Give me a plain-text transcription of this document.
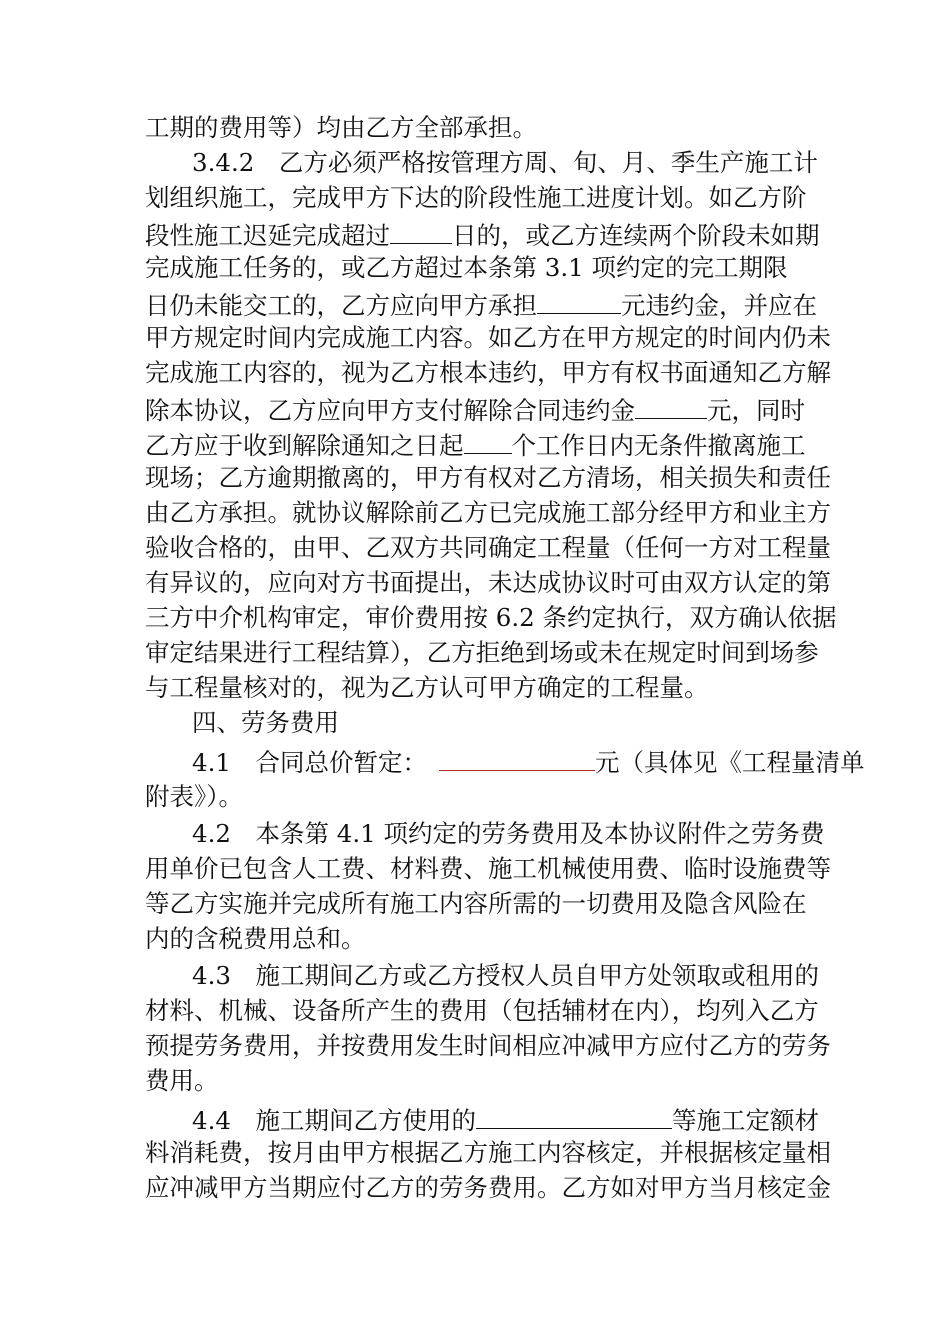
工期的费用等）均由乙方全部承担。
3.4.2　乙方必须严格按管理方周、旬、月、季生产施工计
划组织施工，完成甲方下达的阶段性施工进度计划。如乙方阶
段性施工迟延完成超过	日的，或乙方连续两个阶段未如期
完成施工任务的，或乙方超过本条第 3.1 项约定的完工期限
日仍未能交工的，乙方应向甲方承担	元违约金，并应在
甲方规定时间内完成施工内容。如乙方在甲方规定的时间内仍未
完成施工内容的，视为乙方根本违约，甲方有权书面通知乙方解
除本协议，乙方应向甲方支付解除合同违约金	元，同时
乙方应于收到解除通知之日起 个工作日内无条件撤离施工
现场；乙方逾期撤离的，甲方有权对乙方清场，相关损失和责任
由乙方承担。就协议解除前乙方已完成施工部分经甲方和业主方
验收合格的，由甲、乙双方共同确定工程量（任何一方对工程量
有异议的，应向对方书面提出，未达成协议时可由双方认定的第
三方中介机构审定，审价费用按 6.2 条约定执行，双方确认依据
审定结果进行工程结算），乙方拒绝到场或未在规定时间到场参
与工程量核对的，视为乙方认可甲方确定的工程量。
四、劳务费用
4.1　合同总价暂定：	元（具体见《工程量清单
附表》）。
4.2　本条第 4.1 项约定的劳务费用及本协议附件之劳务费
用单价已包含人工费、材料费、施工机械使用费、临时设施费等
等乙方实施并完成所有施工内容所需的一切费用及隐含风险在
内的含税费用总和。
4.3　施工期间乙方或乙方授权人员自甲方处领取或租用的
材料、机械、设备所产生的费用（包括辅材在内），均列入乙方
预提劳务费用，并按费用发生时间相应冲减甲方应付乙方的劳务
费用。
4.4　施工期间乙方使用的	等施工定额材
料消耗费，按月由甲方根据乙方施工内容核定，并根据核定量相
应冲减甲方当期应付乙方的劳务费用。乙方如对甲方当月核定金
